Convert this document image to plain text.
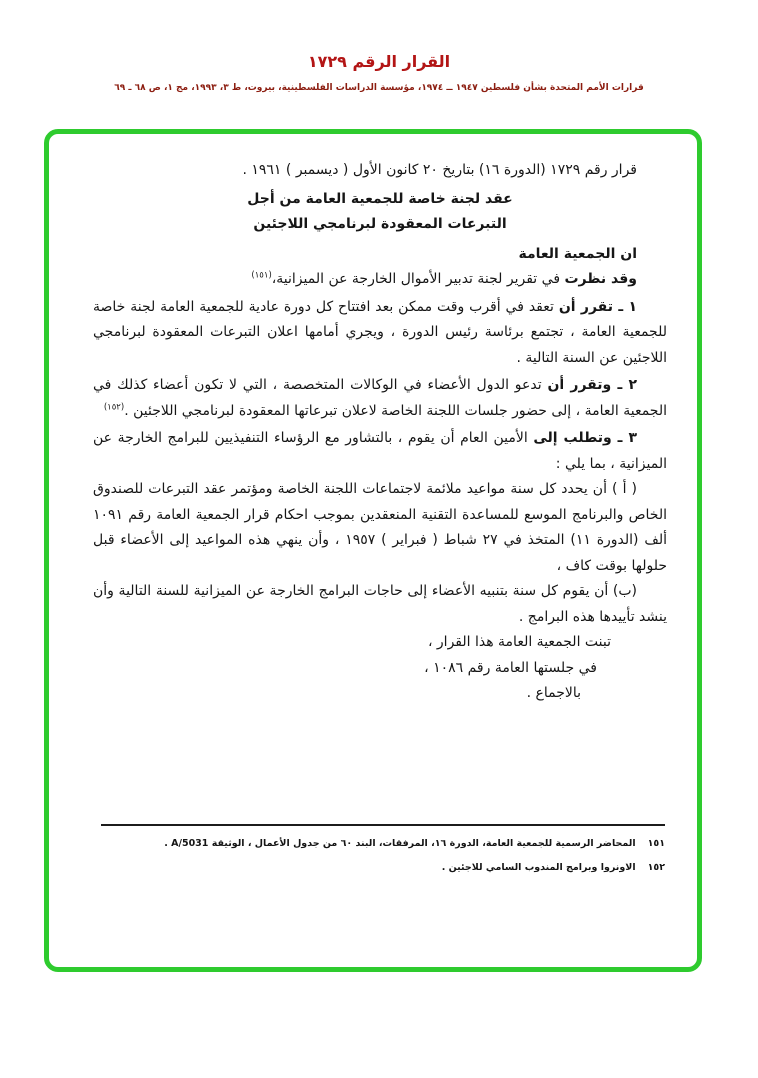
القرار الرقم ١٧٢٩
قرارات الأمم المتحدة بشأن فلسطين ١٩٤٧ ــ ١٩٧٤، مؤسسة الدراسات الفلسطينية، بيروت، ط ٣، ١٩٩٣، مج ١، ص ٦٨ ـ ٦٩

قرار رقم ١٧٢٩ (الدورة ١٦) بتاريخ ٢٠ كانون الأول ( ديسمبر ) ١٩٦١ .

عقد لجنة خاصة للجمعية العامة من أجل
التبرعات المعقودة لبرنامجي اللاجئين

ان الجمعية العامة

وقد نظرت في تقرير لجنة تدبير الأموال الخارجة عن الميزانية،$^{(١٥١)}$

١ ـ تقرر أن تعقد في أقرب وقت ممكن بعد افتتاح كل دورة عادية للجمعية العامة لجنة خاصة للجمعية العامة ، تجتمع برئاسة رئيس الدورة ، ويجري أمامها اعلان التبرعات المعقودة لبرنامجي اللاجئين عن السنة التالية .

٢ ـ وتقرر أن تدعو الدول الأعضاء في الوكالات المتخصصة ، التي لا تكون أعضاء كذلك في الجمعية العامة ، إلى حضور جلسات اللجنة الخاصة لاعلان تبرعاتها المعقودة لبرنامجي اللاجئين .$^{(١٥٢)}$

٣ ـ وتطلب إلى الأمين العام أن يقوم ، بالتشاور مع الرؤساء التنفيذيين للبرامج الخارجة عن الميزانية ، بما يلي :

( أ ) أن يحدد كل سنة مواعيد ملائمة لاجتماعات اللجنة الخاصة ومؤتمر عقد التبرعات للصندوق الخاص والبرنامج الموسع للمساعدة التقنية المنعقدين بموجب احكام قرار الجمعية العامة رقم ١٠٩١ ألف (الدورة ١١) المتخذ في ٢٧ شباط ( فبراير ) ١٩٥٧ ، وأن ينهي هذه المواعيد إلى الأعضاء قبل حلولها بوقت كاف ،

(ب) أن يقوم كل سنة بتنبيه الأعضاء إلى حاجات البرامج الخارجة عن الميزانية للسنة التالية وأن ينشد تأييدها هذه البرامج .

تبنت الجمعية العامة هذا القرار ،

في جلستها العامة رقم ١٠٨٦ ،

بالاجماع .

١٥١المحاضر الرسمية للجمعية العامة، الدورة ١٦، المرفقات، البند ٦٠ من جدول الأعمال ، الوثيقة A/5031 .
١٥٢الاونروا وبرامج المندوب السامي للاجئين .
